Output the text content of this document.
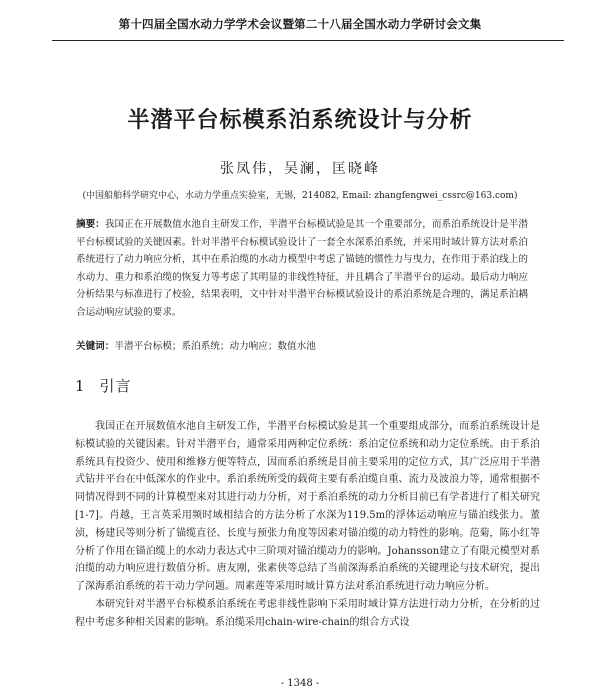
第十四届全国水动力学学术会议暨第二十八届全国水动力学研讨会文集
半潜平台标模系泊系统设计与分析
张凤伟，吴澜，匡晓峰
(中国船舶科学研究中心，水动力学重点实验室，无锡，214082, Email: zhangfengwei_cssrc@163.com)
摘要：我国正在开展数值水池自主研发工作，半潜平台标模试验是其一个重要部分，而系泊系统设计是半潜平台标模试验的关键因素。针对半潜平台标模试验设计了一套全水深系泊系统，并采用时域计算方法对系泊系统进行了动力响应分析，其中在系泊缆的水动力模型中考虑了锚链的惯性力与曳力，在作用于系泊线上的水动力、重力和系泊缆的恢复力等考虑了其明显的非线性特征，并且耦合了半潜平台的运动。最后动力响应分析结果与标准进行了校验，结果表明，文中针对半潜平台标模试验设计的系泊系统是合理的，满足系泊耦合运动响应试验的要求。
关键词：半潜平台标模；系泊系统；动力响应；数值水池
1 引言

我国正在开展数值水池自主研发工作，半潜平台标模试验是其一个重要组成部分，而系泊系统设计是标模试验的关键因素。针对半潜平台，通常采用两种定位系统：系泊定位系统和动力定位系统。由于系泊系统具有投资少、使用和维修方便等特点，因而系泊系统是目前主要采用的定位方式，其广泛应用于半潜式钻井平台在中低深水的作业中。系泊系统所受的载荷主要有系泊缆自重、流力及波浪力等，通常根据不同情况得到不同的计算模型来对其进行动力分析，对于系泊系统的动力分析目前已有学者进行了相关研究[1-7]。肖越，王言英采用频时域相结合的方法分析了水深为119.5m的浮体运动响应与锚泊线张力。董浈，杨建民等则分析了锚缆直径、长度与预张力角度等因素对锚泊缆的动力特性的影响。范菊，陈小红等分析了作用在锚泊缆上的水动力表达式中三阶项对锚泊缆动力的影响。Johansson建立了有限元模型对系泊缆的动力响应进行数值分析。唐友刚，张素侠等总结了当前深海系泊系统的关键理论与技术研究，提出了深海系泊系统的若干动力学问题。周素莲等采用时域计算方法对系泊系统进行动力响应分析。

本研究针对半潜平台标模系泊系统在考虑非线性影响下采用时域计算方法进行动力分析，在分析的过程中考虑多种相关因素的影响。系泊缆采用chain-wire-chain的组合方式设

- 1348 -
